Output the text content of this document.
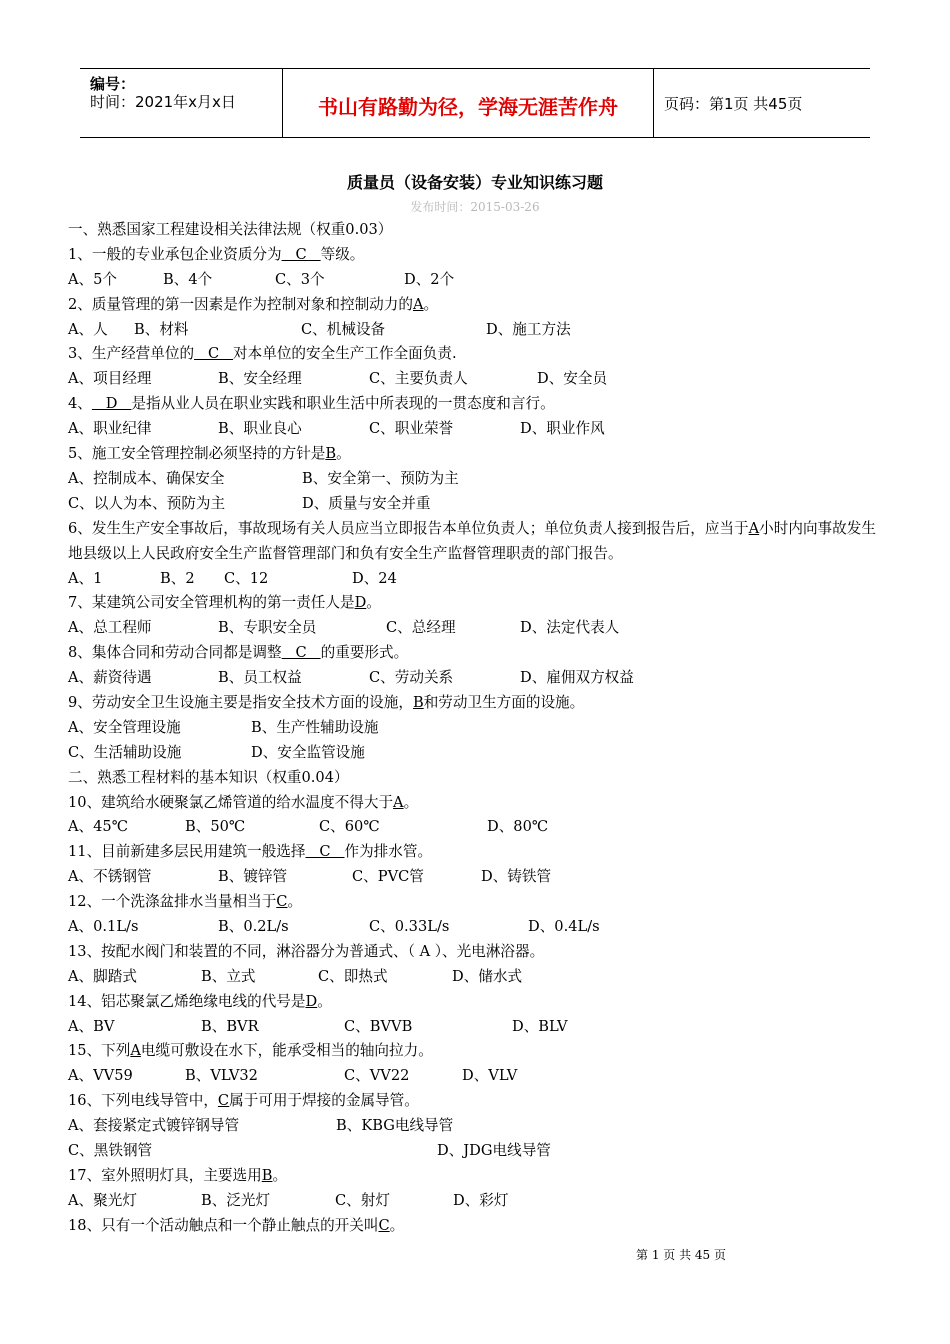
编号：
时间：2021年x月x日	书山有路勤为径，学海无涯苦作舟	页码：第1页 共45页
质量员（设备安装）专业知识练习题
发布时间：2015-03-26
一、熟悉国家工程建设相关法律法规（权重0.03）
1、一般的专业承包企业资质分为   C   等级。
A、5个	B、4个	C、3个	D、2个
2、质量管理的第一因素是作为控制对象和控制动力的A。
A、人 B、材料	C、机械设备	D、施工方法
3、生产经营单位的   C   对本单位的安全生产工作全面负责.
A、项目经理	B、安全经理	C、主要负责人	D、安全员
4、   D   是指从业人员在职业实践和职业生活中所表现的一贯态度和言行。
A、职业纪律	B、职业良心	C、职业荣誉	D、职业作风
5、施工安全管理控制必须坚持的方针是B。
A、控制成本、确保安全	B、安全第一、预防为主
C、以人为本、预防为主	D、质量与安全并重
6、发生生产安全事故后，事故现场有关人员应当立即报告本单位负责人；单位负责人接到报告后，应当于A小时内向事故发生地县级以上人民政府安全生产监督管理部门和负有安全生产监督管理职责的部门报告。
A、1	B、2 C、12	D、24
7、某建筑公司安全管理机构的第一责任人是D。
A、总工程师	B、专职安全员	C、总经理	D、法定代表人
8、集体合同和劳动合同都是调整   C   的重要形式。
A、薪资待遇	B、员工权益	C、劳动关系	D、雇佣双方权益
9、劳动安全卫生设施主要是指安全技术方面的设施，B和劳动卫生方面的设施。
A、安全管理设施	B、生产性辅助设施
C、生活辅助设施	D、安全监管设施
二、熟悉工程材料的基本知识（权重0.04）
10、建筑给水硬聚氯乙烯管道的给水温度不得大于A。
A、45℃	B、50℃	C、60℃	D、80℃
11、目前新建多层民用建筑一般选择   C   作为排水管。
A、不锈钢管	B、镀锌管	C、PVC管	D、铸铁管
12、一个洗涤盆排水当量相当于C。
A、0.1L/s	B、0.2L/s	C、0.33L/s	D、0.4L/s
13、按配水阀门和装置的不同，淋浴器分为普通式、（ A ）、光电淋浴器。
A、脚踏式	B、立式	C、即热式	D、储水式
14、铝芯聚氯乙烯绝缘电线的代号是D。
A、BV	B、BVR	C、BVVB	D、BLV
15、下列A电缆可敷设在水下，能承受相当的轴向拉力。
A、VV59	B、VLV32	C、VV22	D、VLV
16、下列电线导管中，C属于可用于焊接的金属导管。
A、套接紧定式镀锌钢导管	B、KBG电线导管
C、黑铁钢管	D、JDG电线导管
17、室外照明灯具，主要选用B。
A、聚光灯	B、泛光灯	C、射灯	D、彩灯
18、只有一个活动触点和一个静止触点的开关叫C。
第 1 页 共 45 页
